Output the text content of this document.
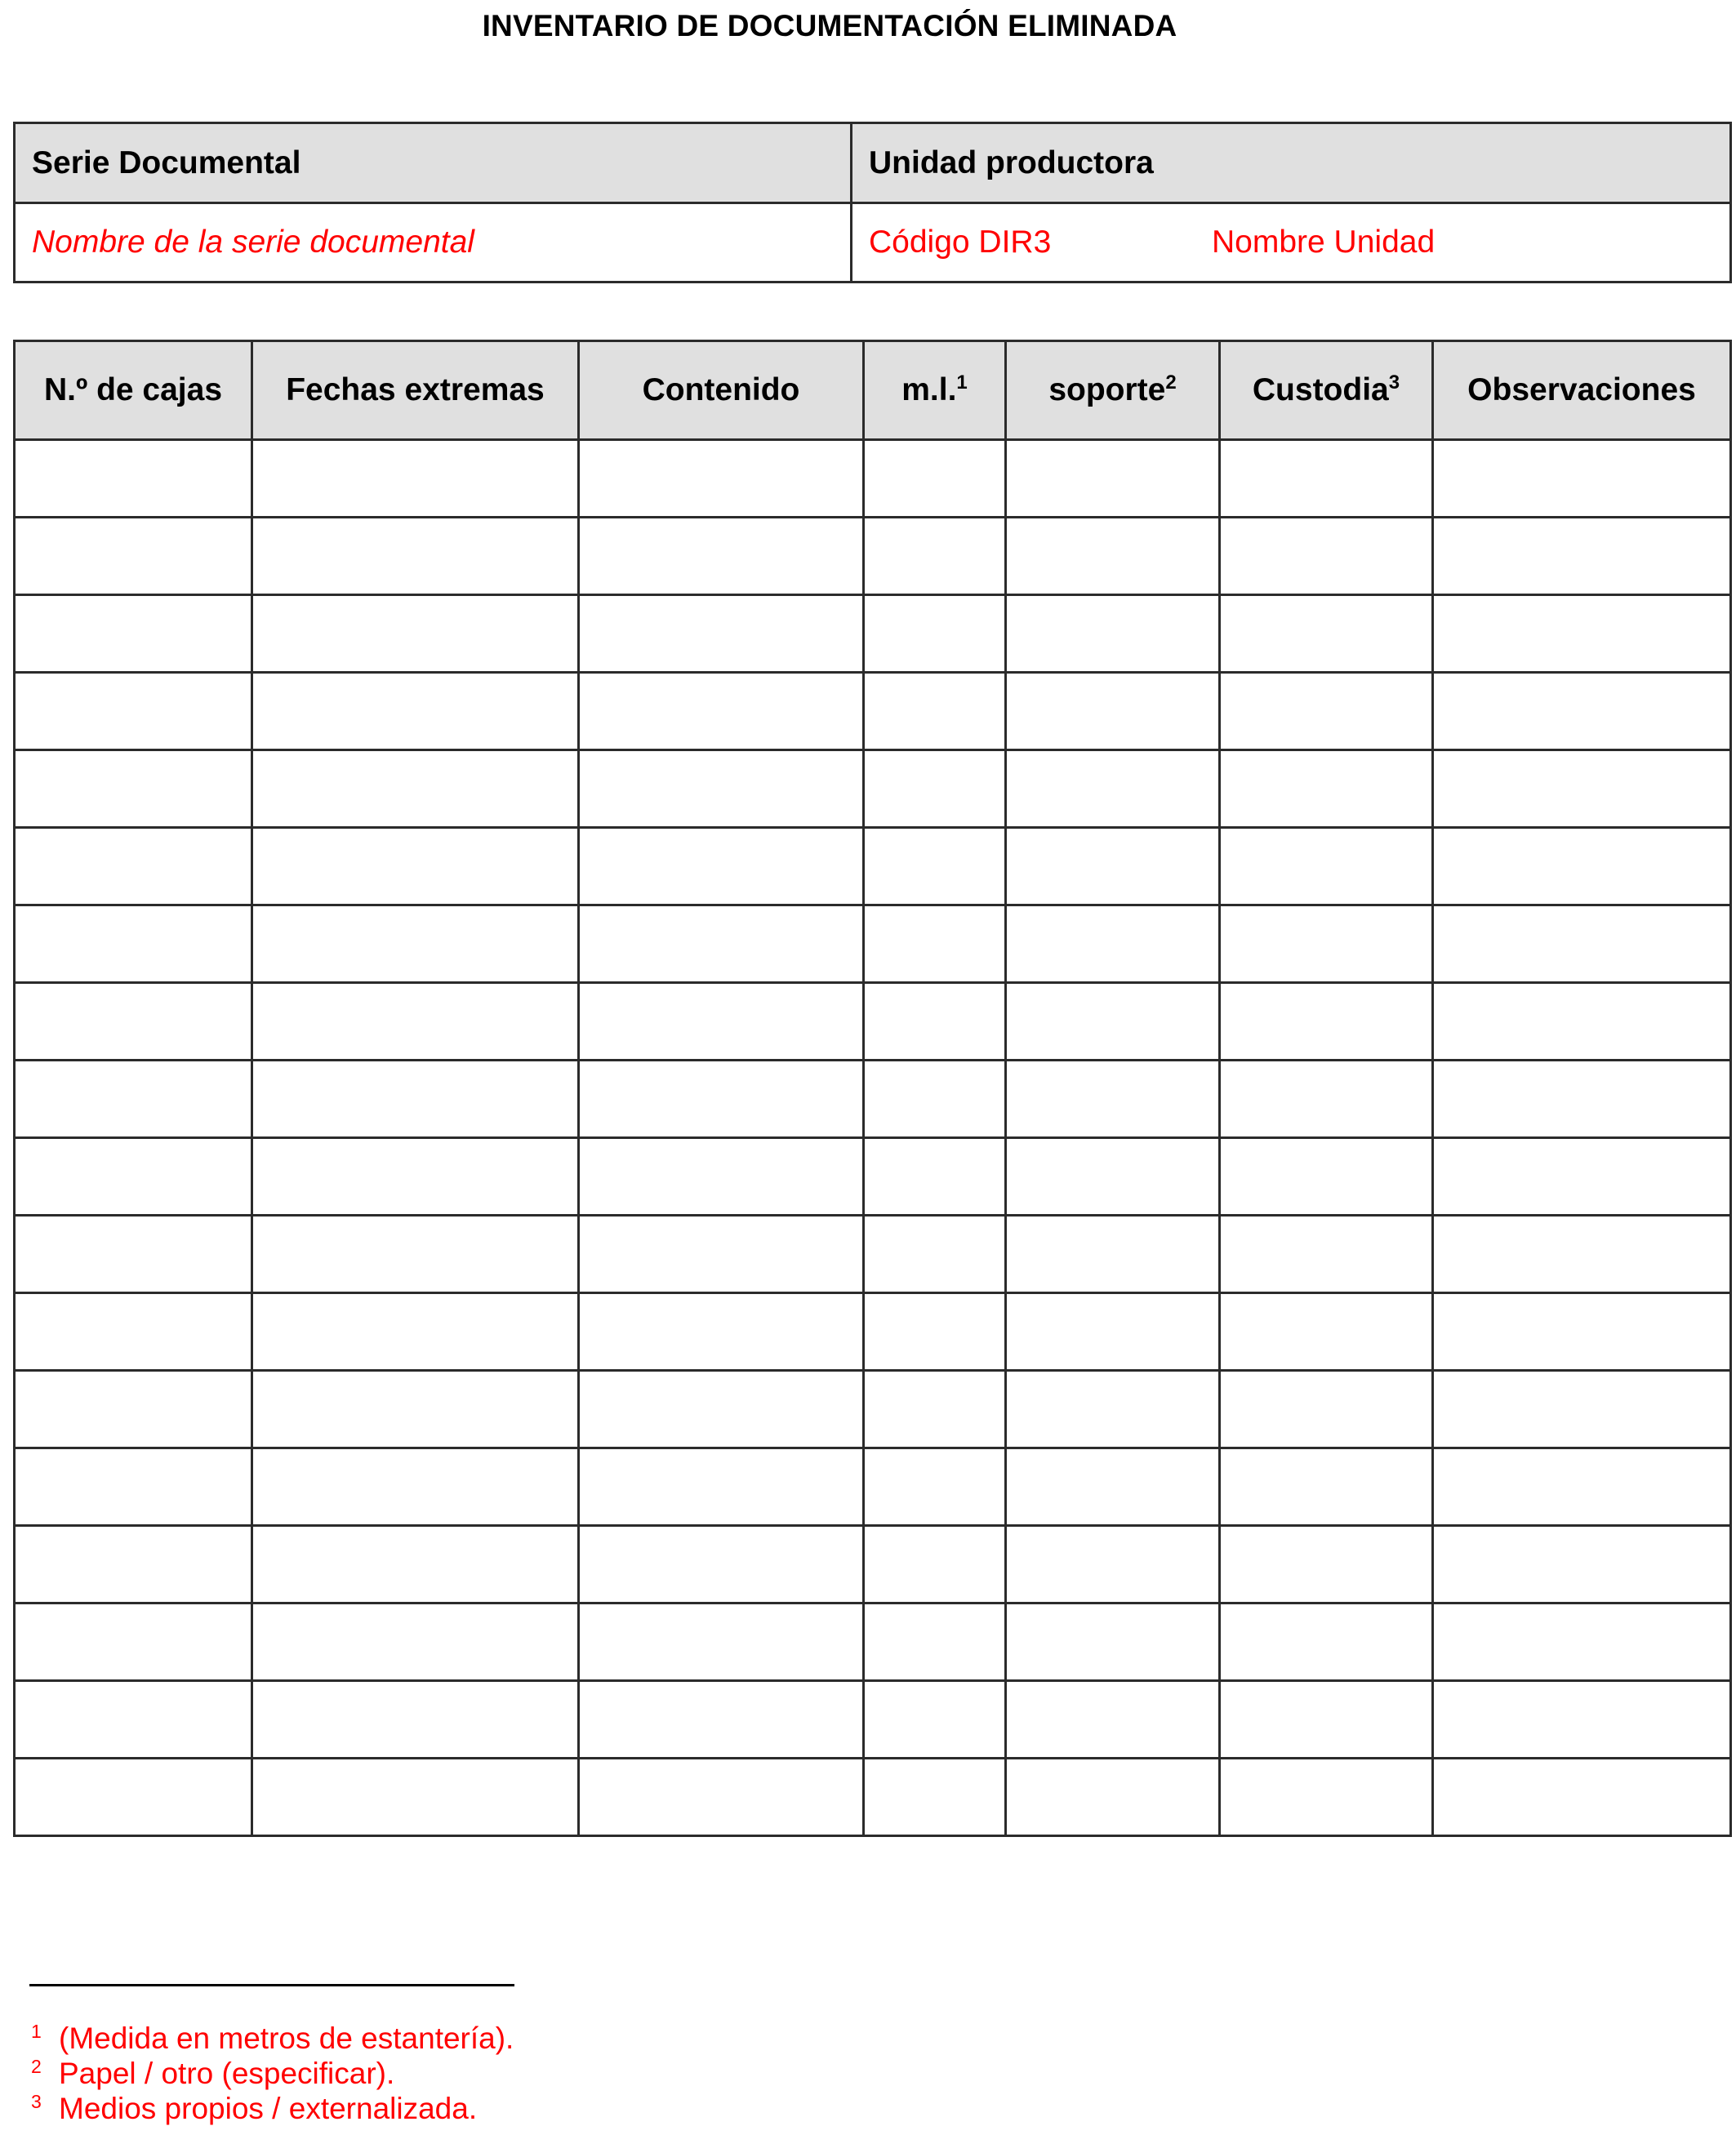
INVENTARIO DE DOCUMENTACIÓN ELIMINADA
Serie Documental	Unidad productora
Nombre de la serie documental	Código DIR3 Nombre Unidad
N.º de cajas	Fechas extremas	Contenido	m.l.$^1$	soporte$^2$	Custodia$^3$	Observaciones

$^1$ (Medida en metros de estantería).
$^2$ Papel / otro (especificar).
$^3$ Medios propios / externalizada.
